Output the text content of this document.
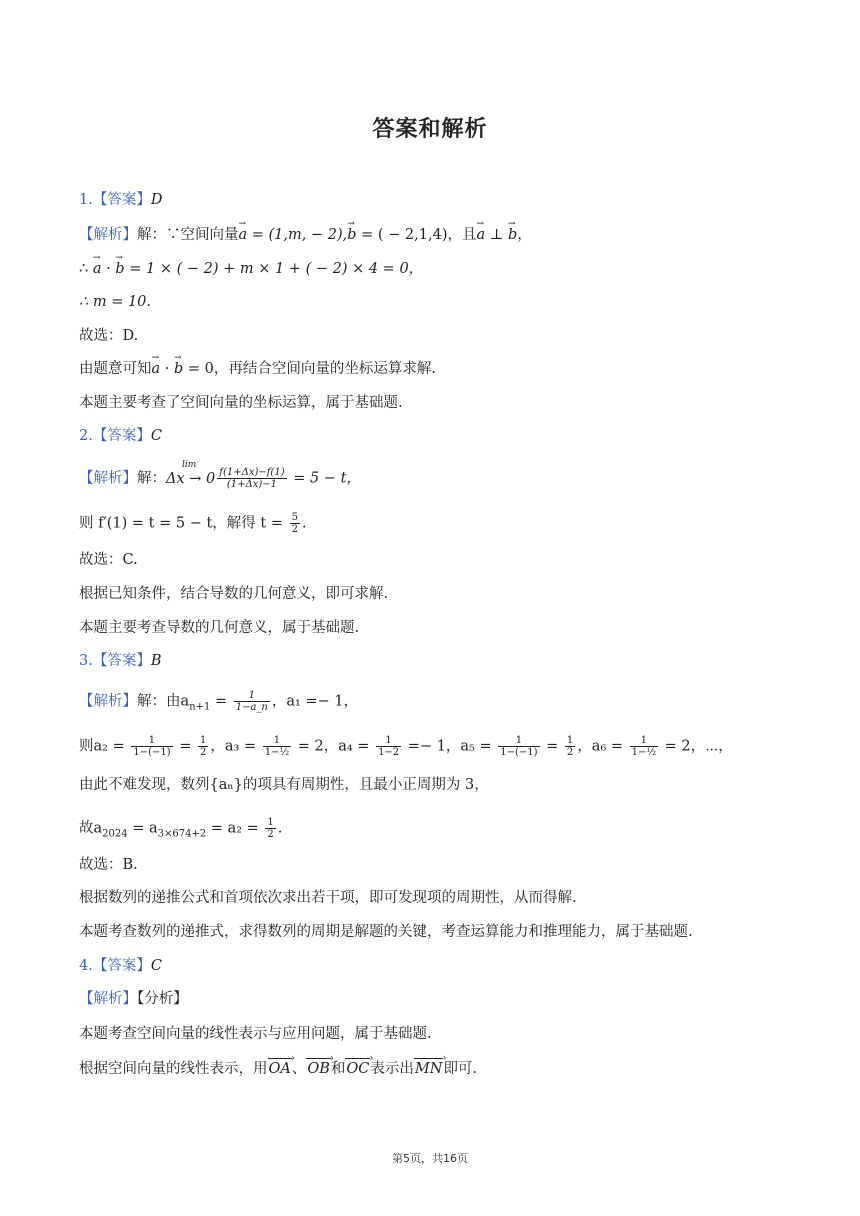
答案和解析
1.【答案】D
【解析】解：∵空间向量→ a = (1,m, − 2),→ b = ( − 2,1,4)，且→ a ⊥ → b，
∴ → a · → b = 1 × ( − 2) + m × 1 + ( − 2) × 4 = 0，
∴ m = 10.
故选：D.
由题意可知→ a · → b = 0，再结合空间向量的坐标运算求解.
本题主要考查了空间向量的坐标运算，属于基础题.
2.【答案】C
【解析】解：
lim
$\Delta x \to 0 \frac{f(1+\Delta x)-f(1)}{(1+\Delta x)-1} = 5 - t$，
则 f′(1) = t = 5 − t，解得 $t = \frac{5}{2}$ .
故选：C.
根据已知条件，结合导数的几何意义，即可求解.
本题主要考查导数的几何意义，属于基础题.
3.【答案】B
【解析】解：由$a_{n+1} = \frac{1}{1-a\_n}$ ，a₁ =− 1，
则$a_2 = \frac{1}{1-(-1)} = \frac{1}{2}$ ，$a_3 = \frac{1}{\text{1−½}} = 2$，$a_4 = \frac{1}{1-2} =- 1$，$a_5 = \frac{1}{1-(-1)} = \frac{1}{2}$ ，$a_6 = \frac{1}{\text{1−½}} = 2$，⋯，
由此不难发现，数列{aₙ}的项具有周期性，且最小正周期为 3，
故$a_{2024} = a_{3\times 674+2} = a_2 = \frac{1}{2}$ .
故选：B.
根据数列的递推公式和首项依次求出若干项，即可发现项的周期性，从而得解.
本题考查数列的递推式，求得数列的周期是解题的关键，考查运算能力和推理能力，属于基础题.
4.【答案】C
【解析】【分析】
本题考查空间向量的线性表示与应用问题，属于基础题.
根据空间向量的线性表示，用OA ›、OB ›和OC ›表示出MN ›即可.
第5页，共16页
